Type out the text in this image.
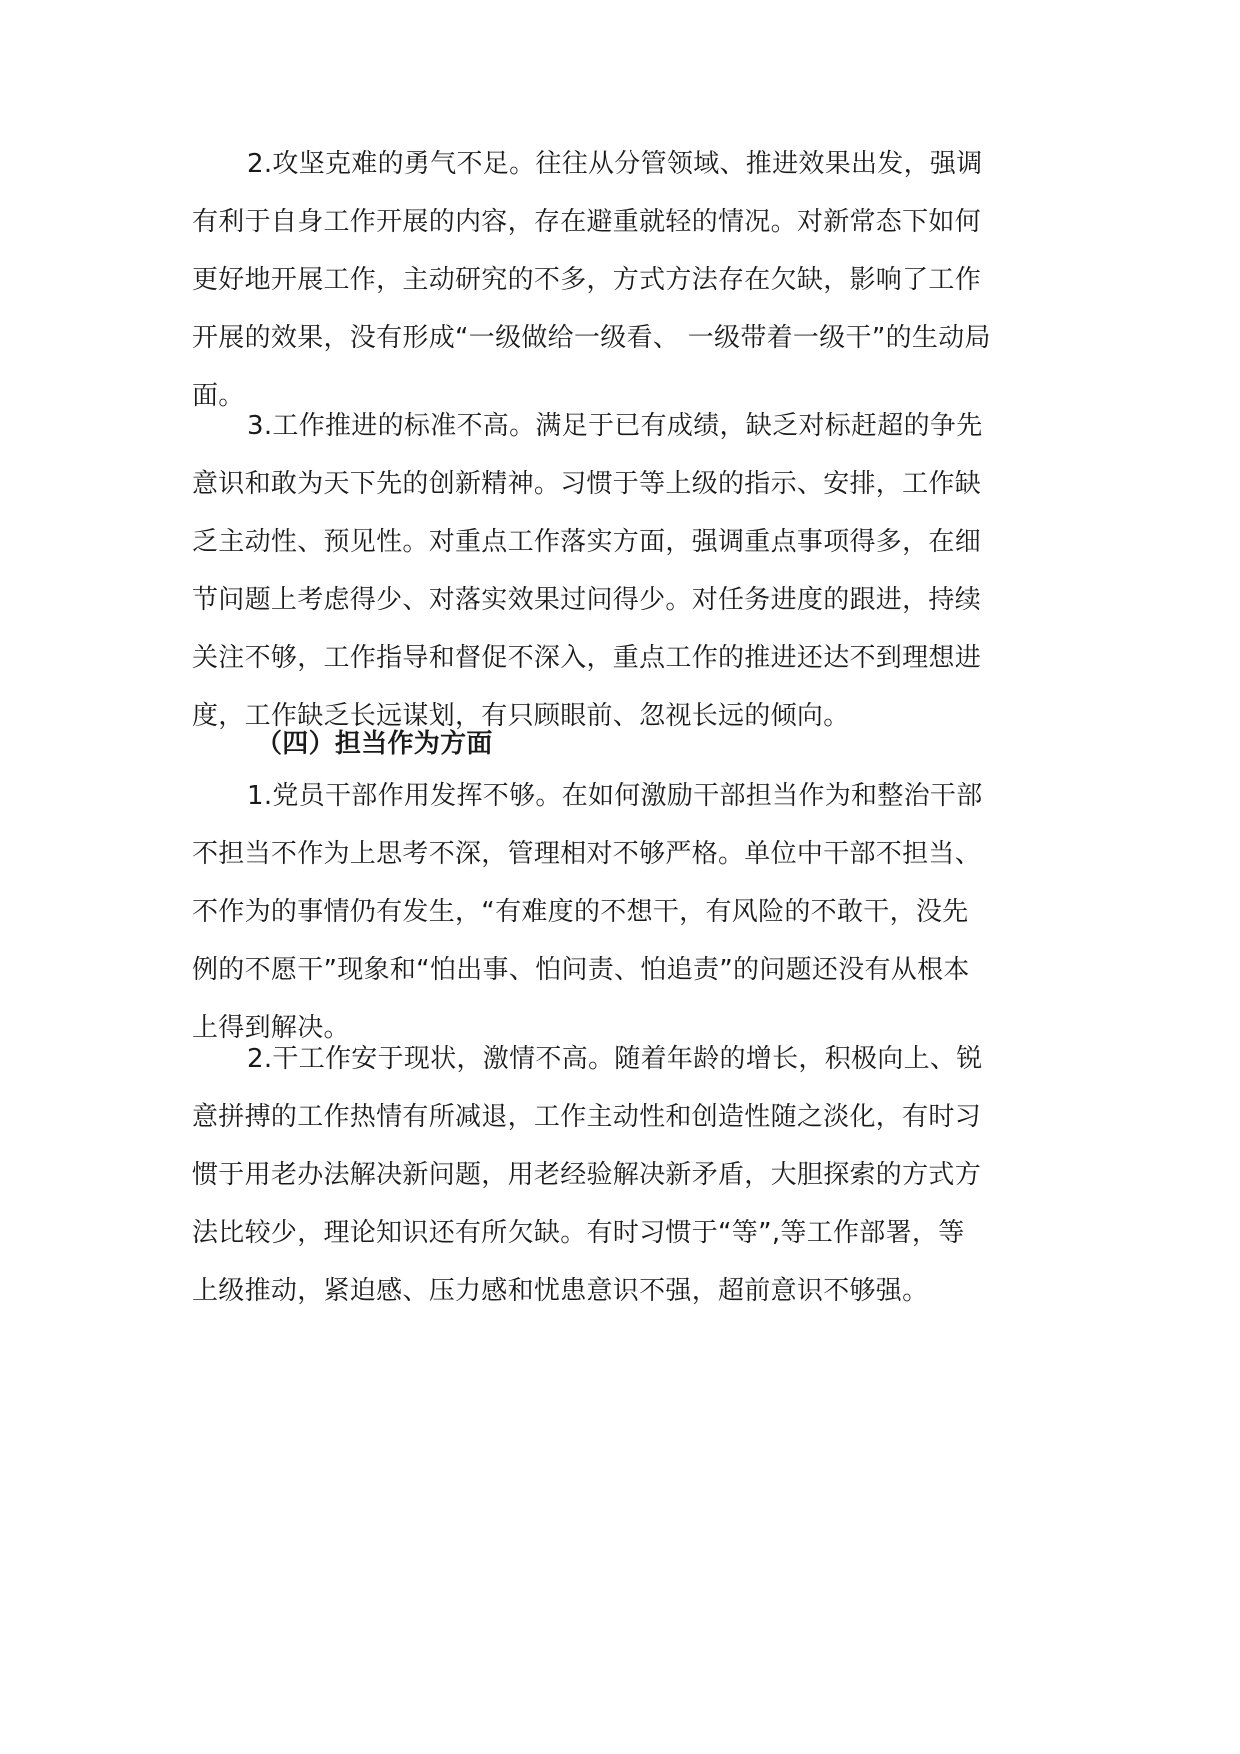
2.攻坚克难的勇气不足。往往从分管领域、推进效果出发，强调
有利于自身工作开展的内容，存在避重就轻的情况。对新常态下如何
更好地开展工作，主动研究的不多，方式方法存在欠缺，影响了工作
开展的效果，没有形成“一级做给一级看、 一级带着一级干”的生动局
面。
3.工作推进的标准不高。满足于已有成绩，缺乏对标赶超的争先
意识和敢为天下先的创新精神。习惯于等上级的指示、安排，工作缺
乏主动性、预见性。对重点工作落实方面，强调重点事项得多，在细
节问题上考虑得少、对落实效果过问得少。对任务进度的跟进，持续
关注不够，工作指导和督促不深入，重点工作的推进还达不到理想进
度，工作缺乏长远谋划，有只顾眼前、忽视长远的倾向。
（四）担当作为方面
1.党员干部作用发挥不够。在如何激励干部担当作为和整治干部
不担当不作为上思考不深，管理相对不够严格。单位中干部不担当、
不作为的事情仍有发生，“有难度的不想干，有风险的不敢干，没先
例的不愿干”现象和“怕出事、怕问责、怕追责”的问题还没有从根本
上得到解决。
2.干工作安于现状，激情不高。随着年龄的增长，积极向上、锐
意拼搏的工作热情有所减退，工作主动性和创造性随之淡化，有时习
惯于用老办法解决新问题，用老经验解决新矛盾，大胆探索的方式方
法比较少，理论知识还有所欠缺。有时习惯于“等”,等工作部署，等
上级推动，紧迫感、压力感和忧患意识不强，超前意识不够强。
